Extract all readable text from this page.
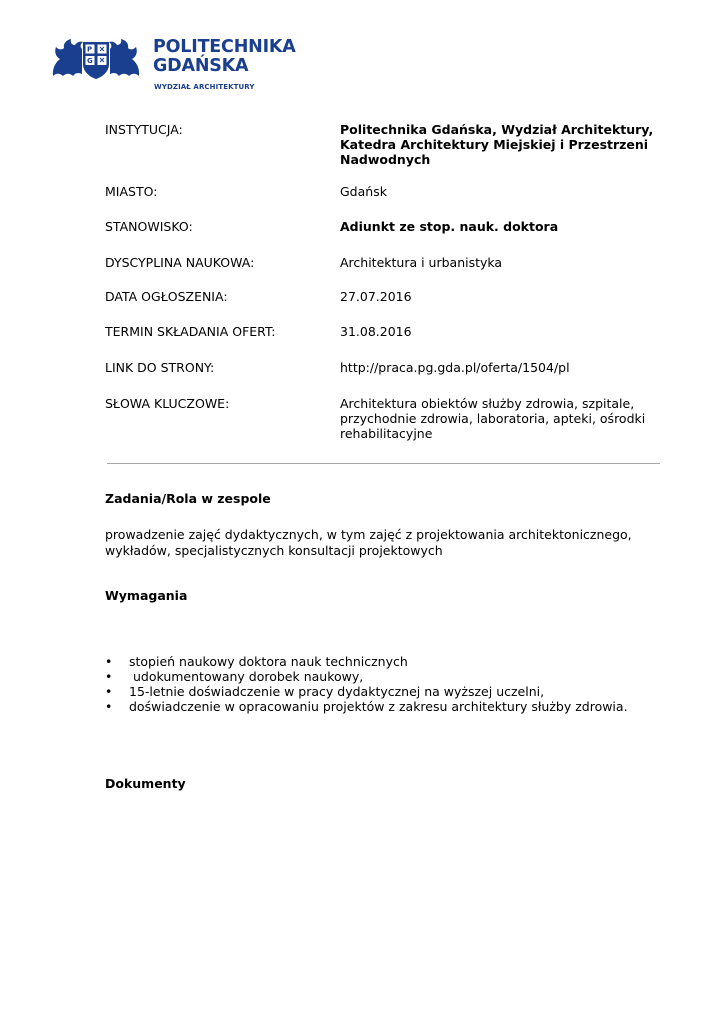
P
G
POLITECHNIKA
GDAŃSKA
WYDZIAŁ ARCHITEKTURY
INSTYTUCJA:	Politechnika Gdańska, Wydział Architektury, Katedra Architektury Miejskiej i Przestrzeni Nadwodnych
MIASTO:	Gdańsk
STANOWISKO:	Adiunkt ze stop. nauk. doktora
DYSCYPLINA NAUKOWA:	Architektura i urbanistyka
DATA OGŁOSZENIA:	27.07.2016
TERMIN SKŁADANIA OFERT:	31.08.2016
LINK DO STRONY:	http://praca.pg.gda.pl/oferta/1504/pl
SŁOWA KLUCZOWE:	Architektura obiektów służby zdrowia, szpitale, przychodnie zdrowia, laboratoria, apteki, ośrodki rehabilitacyjne
Zadania/Rola w zespole
prowadzenie zajęć dydaktycznych, w tym zajęć z projektowania architektonicznego, wykładów, specjalistycznych konsultacji projektowych
Wymagania
• stopień naukowy doktora nauk technicznych
• udokumentowany dorobek naukowy,
• 15-letnie doświadczenie w pracy dydaktycznej na wyższej uczelni,
• doświadczenie w opracowaniu projektów z zakresu architektury służby zdrowia.
Dokumenty
